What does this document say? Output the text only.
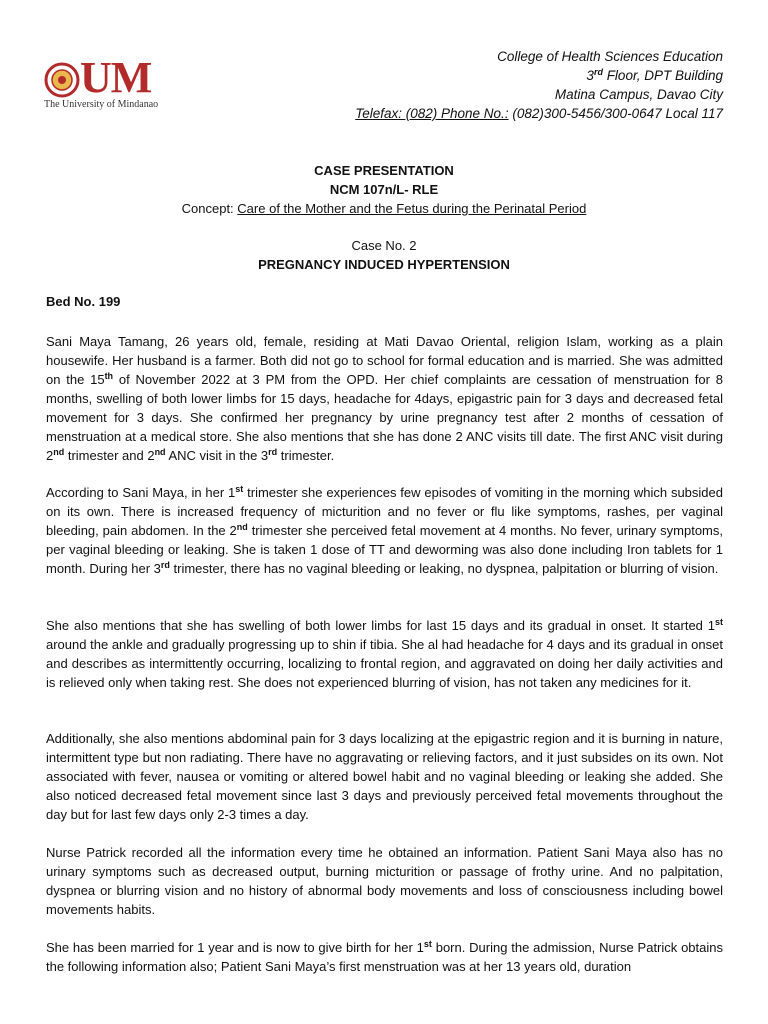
UM
The University of Mindanao
College of Health Sciences Education
3rd Floor, DPT Building
Matina Campus, Davao City
Telefax: (082) Phone No.: (082)300-5456/300-0647 Local 117
CASE PRESENTATION
NCM 107n/L- RLE
Concept: Care of the Mother and the Fetus during the Perinatal Period
Case No. 2
PREGNANCY INDUCED HYPERTENSION
Bed No. 199

Sani Maya Tamang, 26 years old, female, residing at Mati Davao Oriental, religion Islam, working as a plain housewife. Her husband is a farmer. Both did not go to school for formal education and is married. She was admitted on the 15th of November 2022 at 3 PM from the OPD. Her chief complaints are cessation of menstruation for 8 months, swelling of both lower limbs for 15 days, headache for 4days, epigastric pain for 3 days and decreased fetal movement for 3 days. She confirmed her pregnancy by urine pregnancy test after 2 months of cessation of menstruation at a medical store. She also mentions that she has done 2 ANC visits till date. The first ANC visit during 2nd trimester and 2nd ANC visit in the 3rd trimester.

According to Sani Maya, in her 1st trimester she experiences few episodes of vomiting in the morning which subsided on its own. There is increased frequency of micturition and no fever or flu like symptoms, rashes, per vaginal bleeding, pain abdomen. In the 2nd trimester she perceived fetal movement at 4 months. No fever, urinary symptoms, per vaginal bleeding or leaking. She is taken 1 dose of TT and deworming was also done including Iron tablets for 1 month. During her 3rd trimester, there has no vaginal bleeding or leaking, no dyspnea, palpitation or blurring of vision.

She also mentions that she has swelling of both lower limbs for last 15 days and its gradual in onset. It started 1st around the ankle and gradually progressing up to shin if tibia. She al had headache for 4 days and its gradual in onset and describes as intermittently occurring, localizing to frontal region, and aggravated on doing her daily activities and is relieved only when taking rest. She does not experienced blurring of vision, has not taken any medicines for it.

Additionally, she also mentions abdominal pain for 3 days localizing at the epigastric region and it is burning in nature, intermittent type but non radiating. There have no aggravating or relieving factors, and it just subsides on its own. Not associated with fever, nausea or vomiting or altered bowel habit and no vaginal bleeding or leaking she added. She also noticed decreased fetal movement since last 3 days and previously perceived fetal movements throughout the day but for last few days only 2-3 times a day.

Nurse Patrick recorded all the information every time he obtained an information. Patient Sani Maya also has no urinary symptoms such as decreased output, burning micturition or passage of frothy urine. And no palpitation, dyspnea or blurring vision and no history of abnormal body movements and loss of consciousness including bowel movements habits.

She has been married for 1 year and is now to give birth for her 1st born. During the admission, Nurse Patrick obtains the following information also; Patient Sani Maya’s first menstruation was at her 13 years old, duration
